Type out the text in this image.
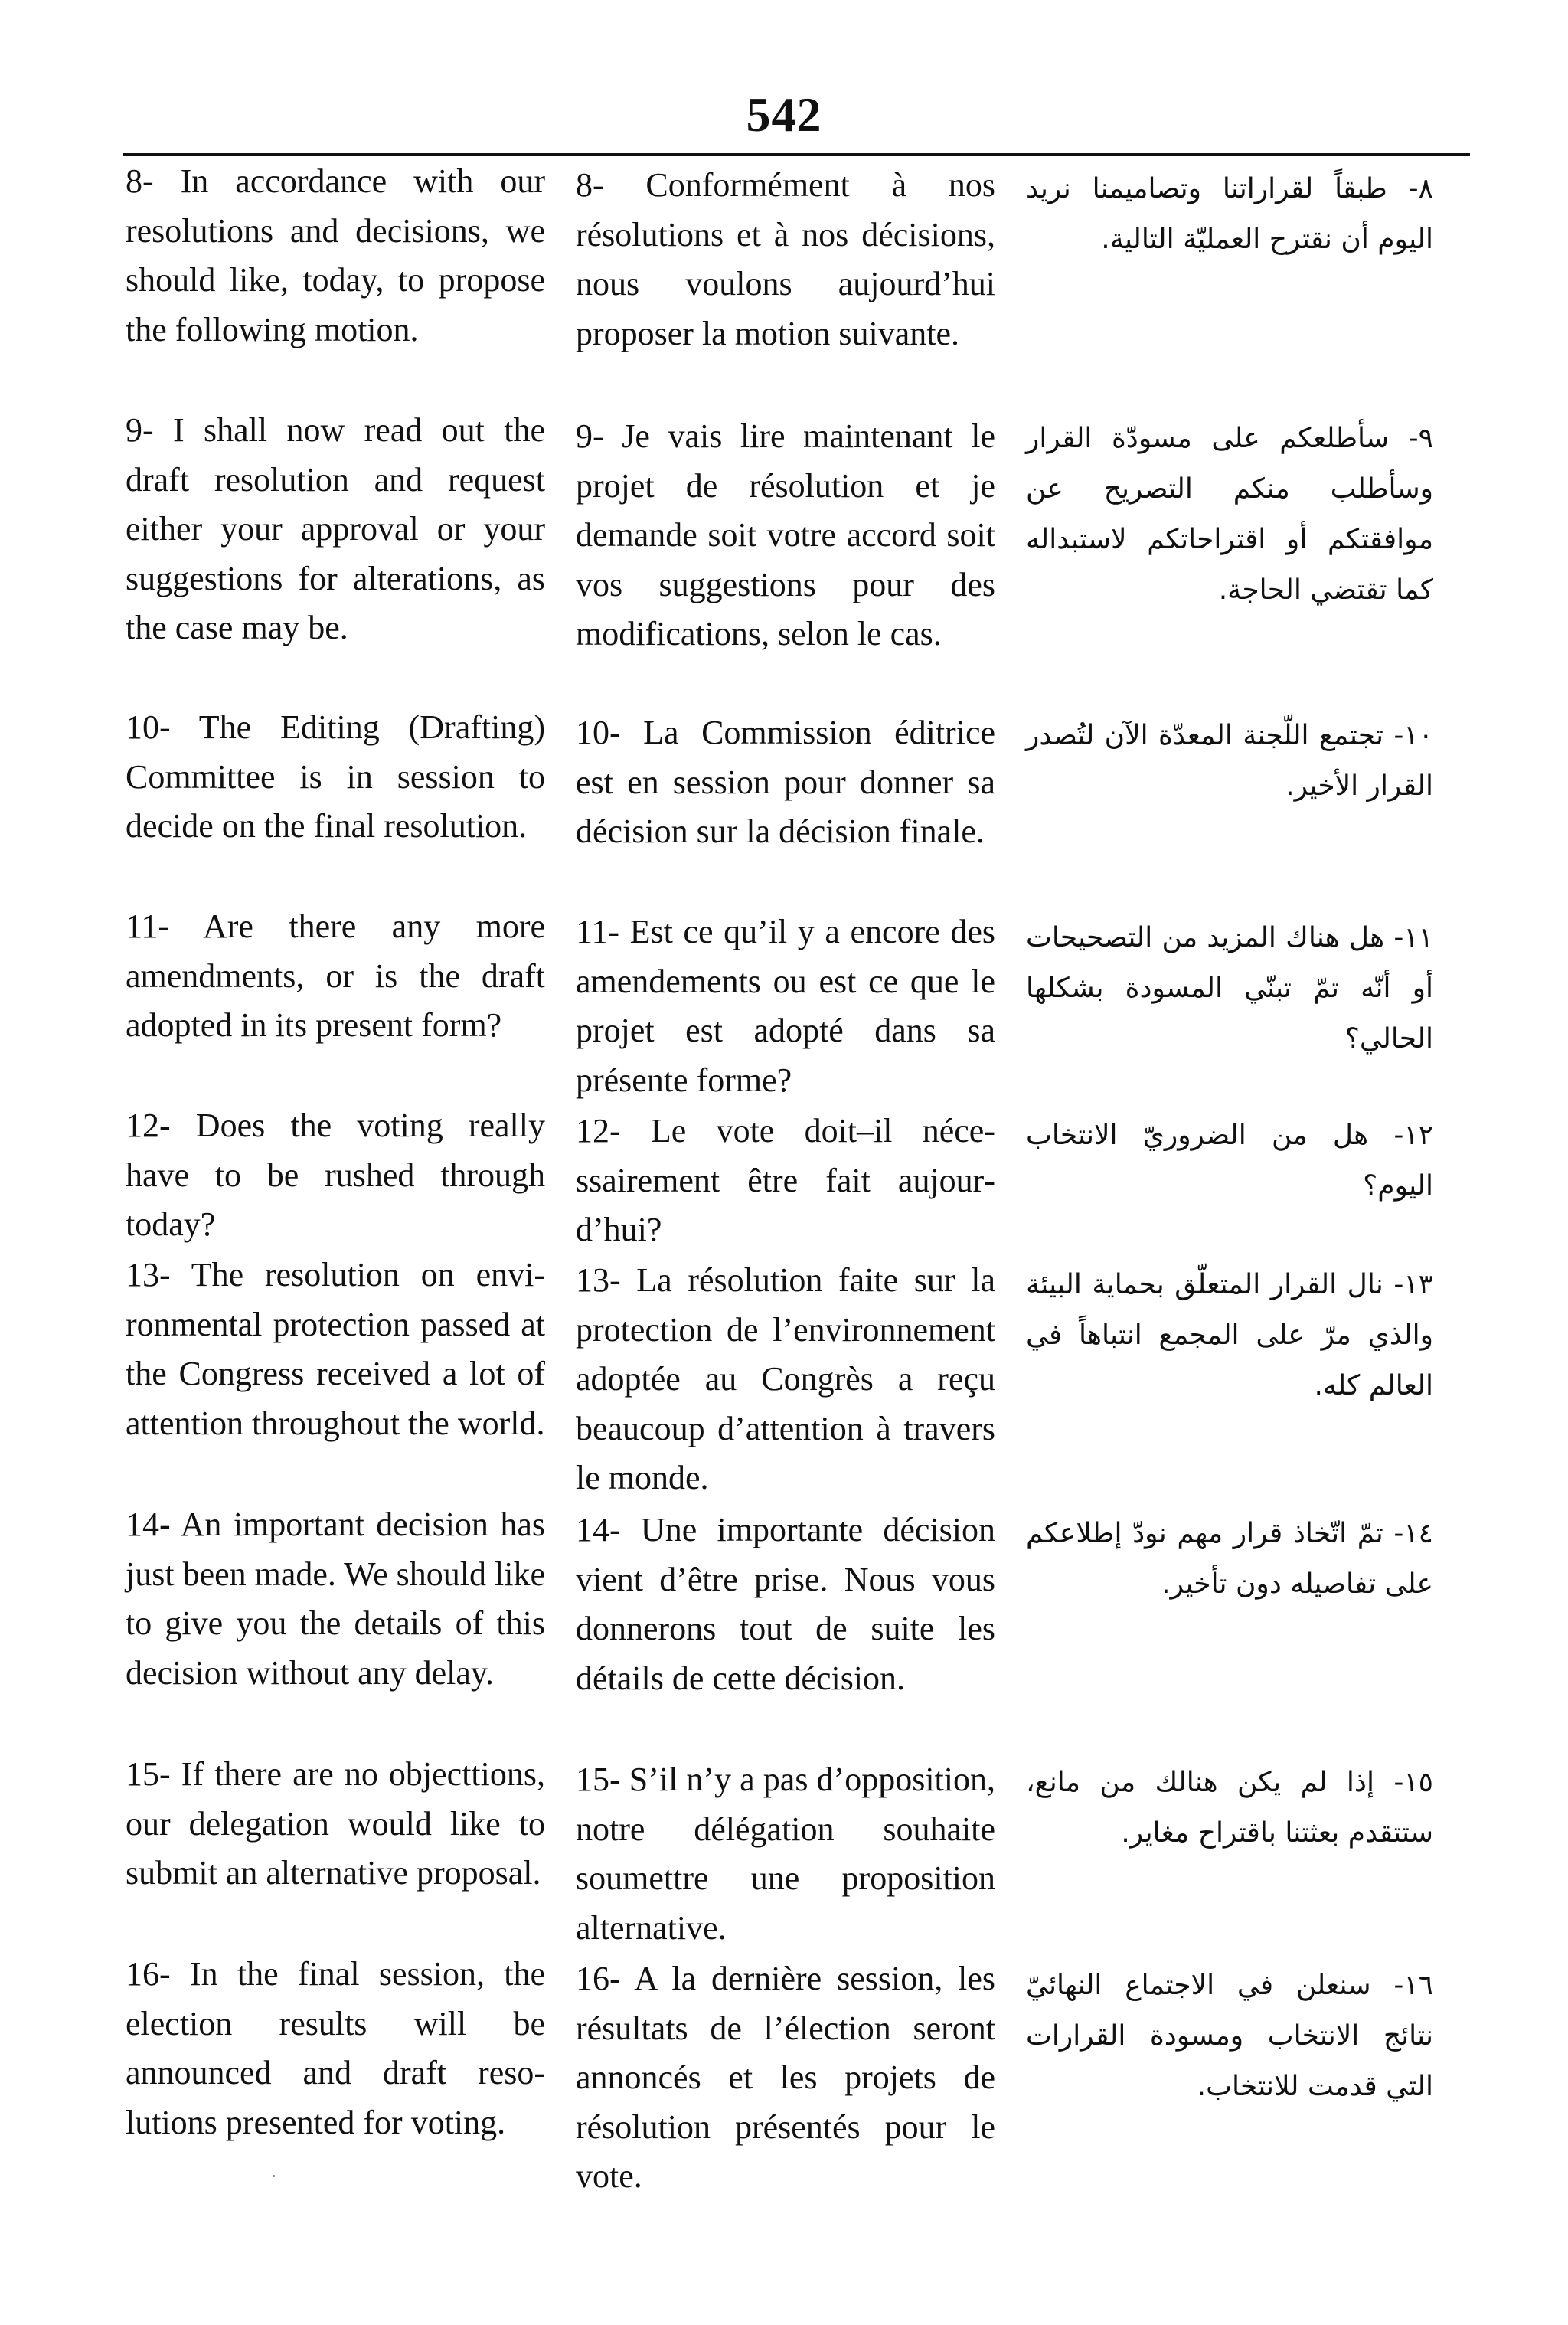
542
8- In accordance with our resolutions and decisions, we should like, today, to propose the following motion.
9- I shall now read out the draft resolution and request either your approval or your suggestions for alterations, as the case may be.
10- The Editing (Drafting) Committee is in session to decide on the final resolution.
11- Are there any more amendments, or is the draft adopted in its present form?
12- Does the voting really have to be rushed through today?
13- The resolution on environmental protection passed at the Congress received a lot of attention throughout the world.
14- An important decision has just been made. We should like to give you the details of this decision without any delay.
15- If there are no objecttions, our delegation would like to submit an alternative proposal.
16- In the final session, the election results will be announced and draft resolutions presented for voting.
8- Conformément à nos résolutions et à nos décisions, nous voulons aujourd’hui proposer la motion suivante.
9- Je vais lire maintenant le projet de résolution et je demande soit votre accord soit vos suggestions pour des modifications, selon le cas.
10- La Commission éditrice est en session pour donner sa décision sur la décision finale.
11- Est ce qu’il y a encore des amendements ou est ce que le projet est adopté dans sa présente forme?
12- Le vote doit–il nécessairement être fait aujourd’hui?
13- La résolution faite sur la protection de l’environnement adoptée au Congrès a reçu beaucoup d’attention à travers le monde.
14- Une importante décision vient d’être prise. Nous vous donnerons tout de suite les détails de cette décision.
15- S’il n’y a pas d’opposition, notre délégation souhaite soumettre une proposition alternative.
16- A la dernière session, les résultats de l’élection seront annoncés et les projets de résolution présentés pour le vote.
٨- طبقاً لقراراتنا وتصاميمنا نريد اليوم أن نقترح العمليّة التالية.
٩- سأطلعكم على مسودّة القرار وسأطلب منكم التصريح عن موافقتكم أو اقتراحاتكم لاستبداله كما تقتضي الحاجة.
١٠- تجتمع اللّجنة المعدّة الآن لتُصدر القرار الأخير.
١١- هل هناك المزيد من التصحيحات أو أنّه تمّ تبنّي المسودة بشكلها الحالي؟
١٢- هل من الضروريّ الانتخاب اليوم؟
١٣- نال القرار المتعلّق بحماية البيئة والذي مرّ على المجمع انتباهاً في العالم كله.
١٤- تمّ اتّخاذ قرار مهم نودّ إطلاعكم على تفاصيله دون تأخير.
١٥- إذا لم يكن هنالك من مانع، ستتقدم بعثتنا باقتراح مغاير.
١٦- سنعلن في الاجتماع النهائيّ نتائج الانتخاب ومسودة القرارات التي قدمت للانتخاب.
